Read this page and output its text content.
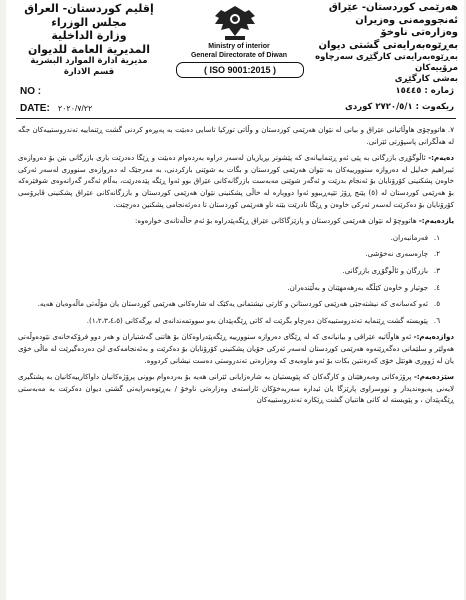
إقليم كوردستان- العراق
مجلس الوزراء
وزارة الداخلية
المديرية العامة للديوان
مديرية ادارة الموارد البشرية
قسم الادارة
Ministry of interior
General Directorate of Diwan
( ISO 9001:2015 )
هەرێمی کوردستان- عێراق
ئەنجوومەنی وەزیران
وەزارەتی ناوخۆ
بەڕێوەبەرایەتی گشتی دیوان
بەڕێوەبەرایەتی کارگێڕی سەرچاوە مرۆییەکان
بەشی کارگێڕی
NO :
DATE: ٢٠٢٠/٧/٢٢
ژمارە : ١٥٤٤٥
ریكەوت : ٢٧٢٠/٥/١ کوردی

٧. هاتووچۆی هاوڵاتیانی عێراق و بیانی لە نێوان هەرێمی کوردستان و وڵاتی تورکیا تاسایی دەبێت بە پەیڕەو کردنی گشت ڕێنماییە تەندروستییەکان جگە لە هەڵگرانی پاسپۆرتی ئێرانی.

دەیەم:- ئاڵوگۆڕی بازرگانی بە پێی ئەو ڕێنماییانەی کە پێشوتر بڕیاریان لەسەر دراوە بەردەوام دەبێت و ڕێگا دەدرێت باری بازرگانی بێن بۆ دەروازەی ئیبراهیم خەلیل لە دەروازە سنوورییەکان بە نێوان هەرێمی کوردستان و بگات بە شوێنی بارکردنی، بە مەرجێک لە دەروازەی سنووری لەسەر ئەرکی خاوەن پشکنینی کۆرۆنایان بۆ ئەنجام بدرێت و ئەگەر شوێنی مەبەست بازرگانەکانی عێراق بوو ئەوا ڕێگە پێدەدرێت، بەڵام ئەگەر گەرانەوەی شوفێرەکە بۆ هەرێمی کوردستان لە (٥) پێنج ڕۆژ تێپەڕیبوو ئەوا دووبارە لە خاڵی پشکنینی نێوان هەرێمی کوردستان و بازرگانەکانی عێراق پشکنینی ڤایرۆسی کۆرۆنایان بۆ دەکرێت لەسەر ئەرکی خاوەن و ڕێگا نادرێت بێنە ناو هەرێمی کوردستان تا دەرئەنجامی پشکنین دەرچێت.

یازدەیەم:- هاتووچۆ لە نێوان هەرێمی کوردستان و پارێزگاکانی عێراق ڕێگەپێدراوە بۆ ئەم حاڵەتانەی خوارەوە:

١.فەرمانبەران.
٢.چارەسەری نەخۆشی.
٣.بازرگان و ئاڵوگۆڕی بازرگانی.
٤.جوتیار و خاوەن کێڵگە بەرهەمهێنان و بەڵێندەران.
٥.ئەو کەسانەی کە نیشتەجێی هەرێمی کوردستانن و کارتی نیشتمانی یەکێک لە شارەکانی هەرێمی کوردستان یان مۆڵەتی ماڵەوەیان هەیە.
٦.پێویستە گشت ڕێنمایە تەندروستییەکان دەرچاو بگرێت لە کاتی ڕێگەپێدان بەو سووتمەندانەی لە بڕگەکانی (١،٢،٣،٤،٥).

دوازدەیەم:- ئەو هاوڵاتیە عێراقی و بیانیانەی کە لە ڕێگای دەروازە سنوورییە ڕێگەپێدراوەکان بۆ هاتنی گەشتیاران و هەر دوو فرۆکەخانەی نێودەوڵەتی هەولێر و سلێمانی دەگەڕێنەوە هەرێمی کوردستان لەسەر ئەرکی خۆیان پشکنینی کۆرۆنایان بۆ دەکرێت و بەئەنجامەکەی لێ دەردەگیرێت لە ماڵی خۆی یان لە ژووری هوتێل خۆی کەرەنتین بکات بۆ ئەو ماوەیەی کە وەزارەتی تەندروستی دەست نیشانی کردووە.

سێزدەیەم:- پرۆژەکانی وەبەرهێنان و کارگەکان کە پێویستیان بە شارەزایانی ئێرانی هەیە بۆ بەردەوام بوونی پرۆژەکانیان داواکارییەکانیان بە پشتگیری لایەنی پەیوەندیدار و نووسراوی پارێزگا یان ئیدارە سەربەخۆکان ئاراستەی وەزارەتی ناوخۆ / بەڕێوەبەرایەتی گشتی دیوان دەکرێت بە مەبەستی ڕێگەپێدان ، و پێویستە لە کاتی هاتنیان گشت ڕێکارە تەندروستییەکان
